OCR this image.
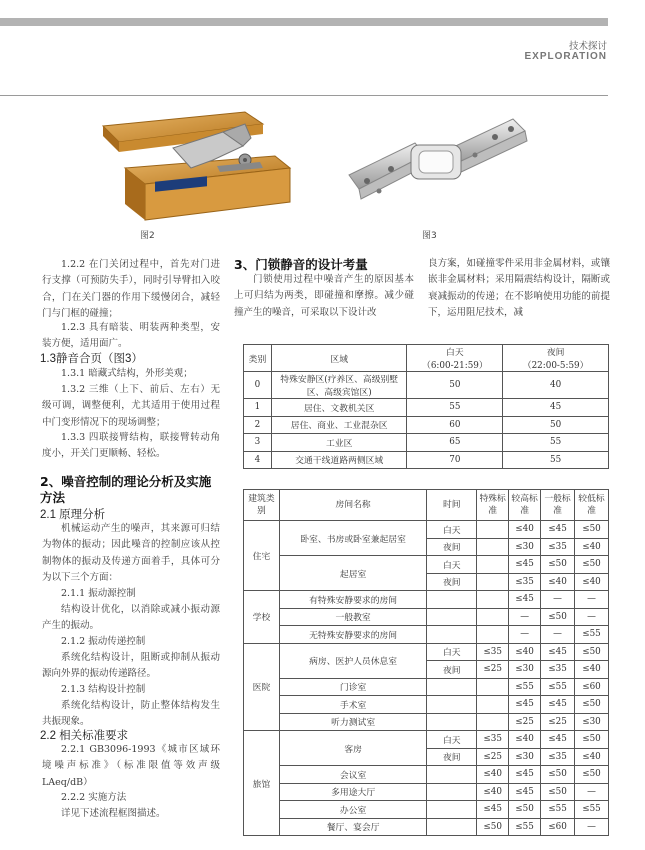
技术探讨
EXPLORATION
图2	图3

1.2.2 在门关闭过程中，首先对门进行支撑（可预防失手），同时引导臂扣入咬合，门在关门器的作用下缓慢闭合，减轻门与门框的碰撞；

1.2.3 具有暗装、明装两种类型，安装方便，适用面广。

1.3静音合页（图3）

1.3.1 暗藏式结构，外形美观；

1.3.2 三维（上下、前后、左右）无级可调，调整便利，尤其适用于使用过程中门变形情况下的现场调整；

1.3.3 四联接臂结构，联接臂转动角度小，开关门更顺畅、轻松。

2、噪音控制的理论分析及实施方法
2.1 原理分析

机械运动产生的噪声，其来源可归结为物体的振动；因此噪音的控制应该从控制物体的振动及传递方面着手，具体可分为以下三个方面：

2.1.1 振动源控制

结构设计优化，以消除或减小振动源产生的振动。

2.1.2 振动传递控制

系统化结构设计，阻断或抑制从振动源向外界的振动传递路径。

2.1.3 结构设计控制

系统化结构设计，防止整体结构发生共振现象。

2.2 相关标准要求

2.2.1 GB3096-1993《城市区域环境噪声标准》（标准限值等效声级LAeq/dB）

2.2.2 实施方法

详见下述流程框图描述。

3、门锁静音的设计考量

门锁使用过程中噪音产生的原因基本上可归结为两类，即碰撞和摩擦。减少碰撞产生的噪音，可采取以下设计改

良方案，如碰撞零件采用非金属材料，或镶嵌非金属材料；采用隔震结构设计，隔断或衰减振动的传递；在不影响使用功能的前提下，运用阻尼技术，减

类别	区域	白天
（6:00-21:59）	夜间
（22:00-5:59）
0	特殊安静区(疗养区、高级别墅区、高级宾馆区)	50	40
1	居住、文教机关区	55	45
2	居住、商业、工业混杂区	60	50
3	工业区	65	55
4	交通干线道路两侧区域	70	55
建筑类别	房间名称	时间	特殊标准	较高标准	一般标准	较低标准
住宅	卧室、书房或卧室兼起居室	白天		≤40	≤45	≤50
		夜间		≤30	≤35	≤40
	起居室	白天		≤45	≤50	≤50
		夜间		≤35	≤40	≤40
学校	有特殊安静要求的房间			≤45	—	—
	一般教室			—	≤50	—
	无特殊安静要求的房间			—	—	≤55
医院	病房、医护人员休息室	白天	≤35	≤40	≤45	≤50
		夜间	≤25	≤30	≤35	≤40
	门诊室			≤55	≤55	≤60
	手术室			≤45	≤45	≤50
	听力测试室			≤25	≤25	≤30
旅馆	客房	白天	≤35	≤40	≤45	≤50
		夜间	≤25	≤30	≤35	≤40
	会议室		≤40	≤45	≤50	≤50
	多用途大厅		≤40	≤45	≤50	—
	办公室		≤45	≤50	≤55	≤55
	餐厅、宴会厅		≤50	≤55	≤60	—
